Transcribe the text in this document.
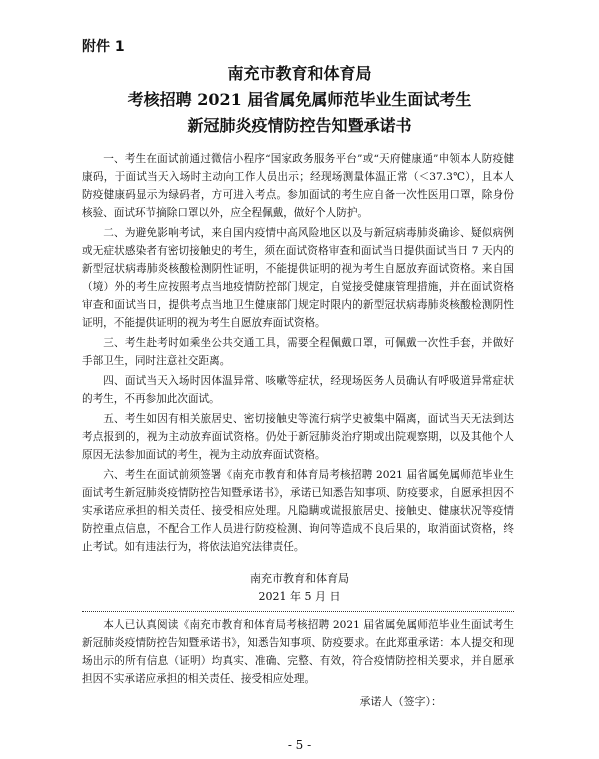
附件 1
南充市教育和体育局
考核招聘 2021 届省属免属师范毕业生面试考生
新冠肺炎疫情防控告知暨承诺书

一、考生在面试前通过微信小程序“国家政务服务平台”或“天府健康通”申领本人防疫健康码，于面试当天入场时主动向工作人员出示；经现场测量体温正常（＜37.3℃），且本人防疫健康码显示为绿码者，方可进入考点。参加面试的考生应自备一次性医用口罩，除身份核验、面试环节摘除口罩以外，应全程佩戴，做好个人防护。

二、为避免影响考试，来自国内疫情中高风险地区以及与新冠病毒肺炎确诊、疑似病例或无症状感染者有密切接触史的考生，须在面试资格审查和面试当日提供面试当日 7 天内的新型冠状病毒肺炎核酸检测阴性证明，不能提供证明的视为考生自愿放弃面试资格。来自国（境）外的考生应按照考点当地疫情防控部门规定，自觉接受健康管理措施，并在面试资格审查和面试当日，提供考点当地卫生健康部门规定时限内的新型冠状病毒肺炎核酸检测阴性证明，不能提供证明的视为考生自愿放弃面试资格。

三、考生赴考时如乘坐公共交通工具，需要全程佩戴口罩，可佩戴一次性手套，并做好手部卫生，同时注意社交距离。

四、面试当天入场时因体温异常、咳嗽等症状，经现场医务人员确认有呼吸道异常症状的考生，不再参加此次面试。

五、考生如因有相关旅居史、密切接触史等流行病学史被集中隔离，面试当天无法到达考点报到的，视为主动放弃面试资格。仍处于新冠肺炎治疗期或出院观察期，以及其他个人原因无法参加面试的考生，视为主动放弃面试资格。

六、考生在面试前须签署《南充市教育和体育局考核招聘 2021 届省属免属师范毕业生面试考生新冠肺炎疫情防控告知暨承诺书》，承诺已知悉告知事项、防疫要求，自愿承担因不实承诺应承担的相关责任、接受相应处理。凡隐瞒或谎报旅居史、接触史、健康状况等疫情防控重点信息，不配合工作人员进行防疫检测、询问等造成不良后果的，取消面试资格，终止考试。如有违法行为，将依法追究法律责任。

南充市教育和体育局
2021 年 5 月 日

本人已认真阅读《南充市教育和体育局考核招聘 2021 届省属免属师范毕业生面试考生新冠肺炎疫情防控告知暨承诺书》，知悉告知事项、防疫要求。在此郑重承诺：本人提交和现场出示的所有信息（证明）均真实、准确、完整、有效，符合疫情防控相关要求，并自愿承担因不实承诺应承担的相关责任、接受相应处理。

承诺人（签字）：
- 5 -
